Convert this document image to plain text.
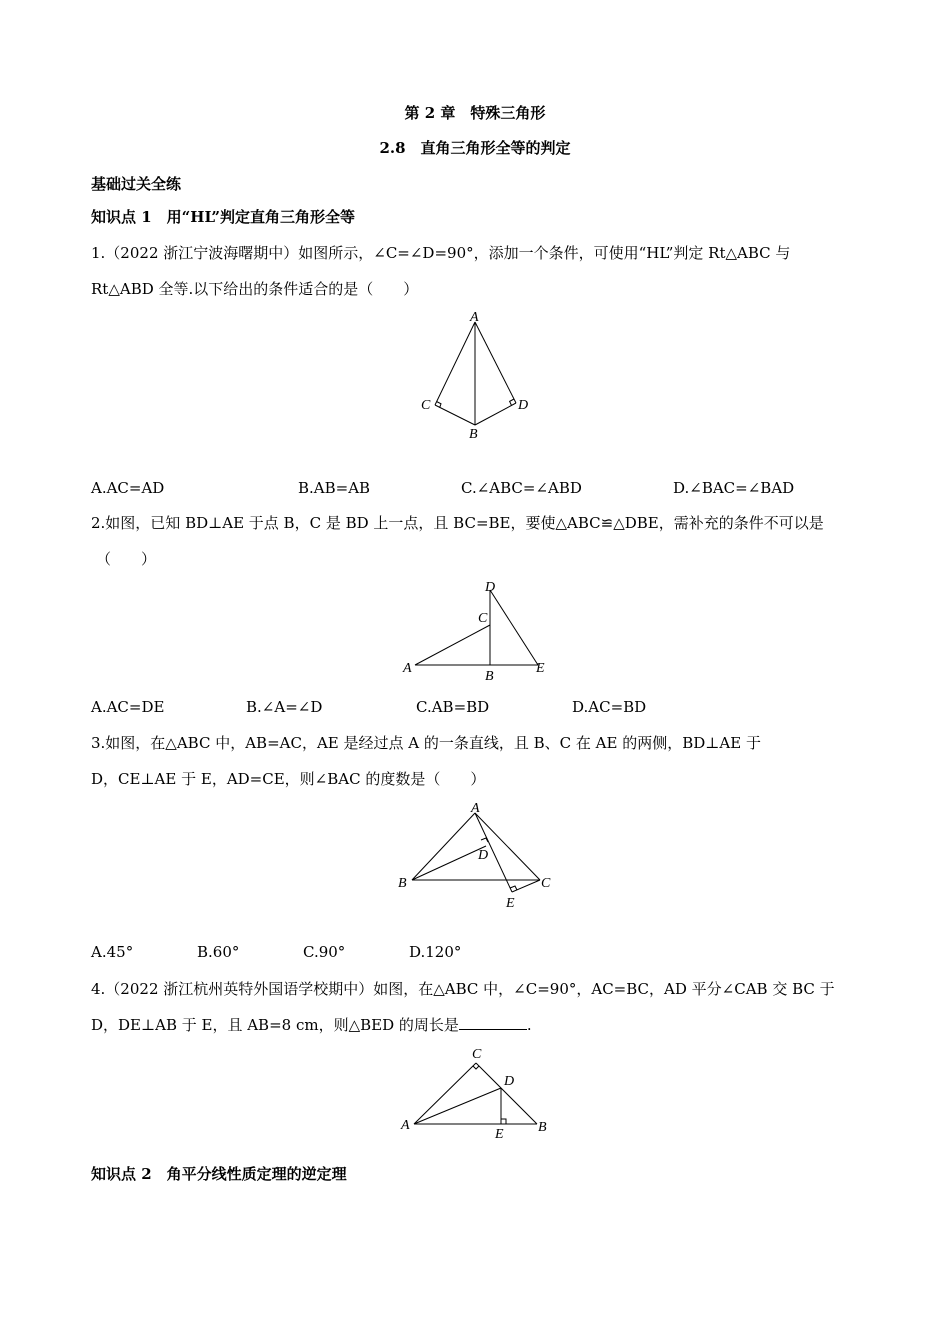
第 2 章　特殊三角形
2.8　直角三角形全等的判定
基础过关全练
知识点 1　用“HL”判定直角三角形全等
1.（2022 浙江宁波海曙期中）如图所示，∠C=∠D=90°，添加一个条件，可使用“HL”判定 Rt△ABC 与
Rt△ABD 全等.以下给出的条件适合的是（　　）
A
C	D
B
A.AC=AD	B.AB=AB	C.∠ABC=∠ABD	D.∠BAC=∠BAD
2.如图，已知 BD⊥AE 于点 B，C 是 BD 上一点，且 BC=BE，要使△ABC≌△DBE，需补充的条件不可以是
（　　）
D
C
A
B
E
A.AC=DE	B.∠A=∠D	C.AB=BD	D.AC=BD
3.如图，在△ABC 中，AB=AC，AE 是经过点 A 的一条直线，且 B、C 在 AE 的两侧，BD⊥AE 于
D，CE⊥AE 于 E，AD=CE，则∠BAC 的度数是（　　）
A
D
B	C
E
A.45°	B.60°	C.90°	D.120°
4.（2022 浙江杭州英特外国语学校期中）如图，在△ABC 中，∠C=90°，AC=BC，AD 平分∠CAB 交 BC 于
D，DE⊥AB 于 E，且 AB=8 cm，则△BED 的周长是	.
C
D
A
E B
知识点 2　角平分线性质定理的逆定理
